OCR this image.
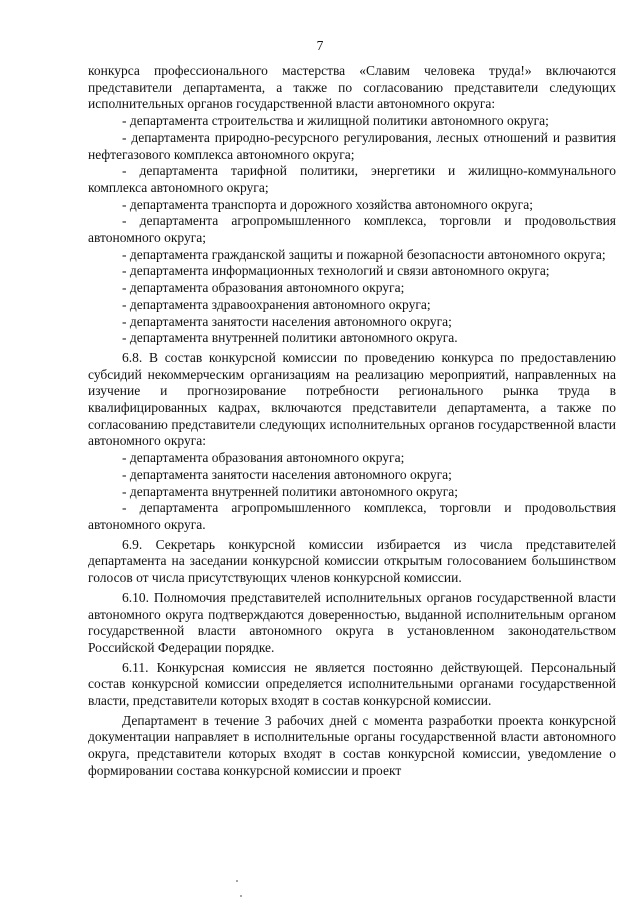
7

конкурса профессионального мастерства «Славим человека труда!» включаются представители департамента, а также по согласованию представители следующих исполнительных органов государственной власти автономного округа:

- департамента строительства и жилищной политики автономного округа;

- департамента природно-ресурсного регулирования, лесных отношений и развития нефтегазового комплекса автономного округа;

- департамента тарифной политики, энергетики и жилищно-коммунального комплекса автономного округа;

- департамента транспорта и дорожного хозяйства автономного округа;

- департамента агропромышленного комплекса, торговли и продовольствия автономного округа;

- департамента гражданской защиты и пожарной безопасности автономного округа;

- департамента информационных технологий и связи автономного округа;

- департамента образования автономного округа;

- департамента здравоохранения автономного округа;

- департамента занятости населения автономного округа;

- департамента внутренней политики автономного округа.

6.8. В состав конкурсной комиссии по проведению конкурса по предоставлению субсидий некоммерческим организациям на реализацию мероприятий, направленных на изучение и прогнозирование потребности регионального рынка труда в квалифицированных кадрах, включаются представители департамента, а также по согласованию представители следующих исполнительных органов государственной власти автономного округа:

- департамента образования автономного округа;

- департамента занятости населения автономного округа;

- департамента внутренней политики автономного округа;

- департамента агропромышленного комплекса, торговли и продовольствия автономного округа.

6.9. Секретарь конкурсной комиссии избирается из числа представителей департамента на заседании конкурсной комиссии открытым голосованием большинством голосов от числа присутствующих членов конкурсной комиссии.

6.10. Полномочия представителей исполнительных органов государственной власти автономного округа подтверждаются доверенностью, выданной исполнительным органом государственной власти автономного округа в установленном законодательством Российской Федерации порядке.

6.11. Конкурсная комиссия не является постоянно действующей. Персональный состав конкурсной комиссии определяется исполнительными органами государственной власти, представители которых входят в состав конкурсной комиссии.

Департамент в течение 3 рабочих дней с момента разработки проекта конкурсной документации направляет в исполнительные органы государственной власти автономного округа, представители которых входят в состав конкурсной комиссии, уведомление о формировании состава конкурсной комиссии и проект
